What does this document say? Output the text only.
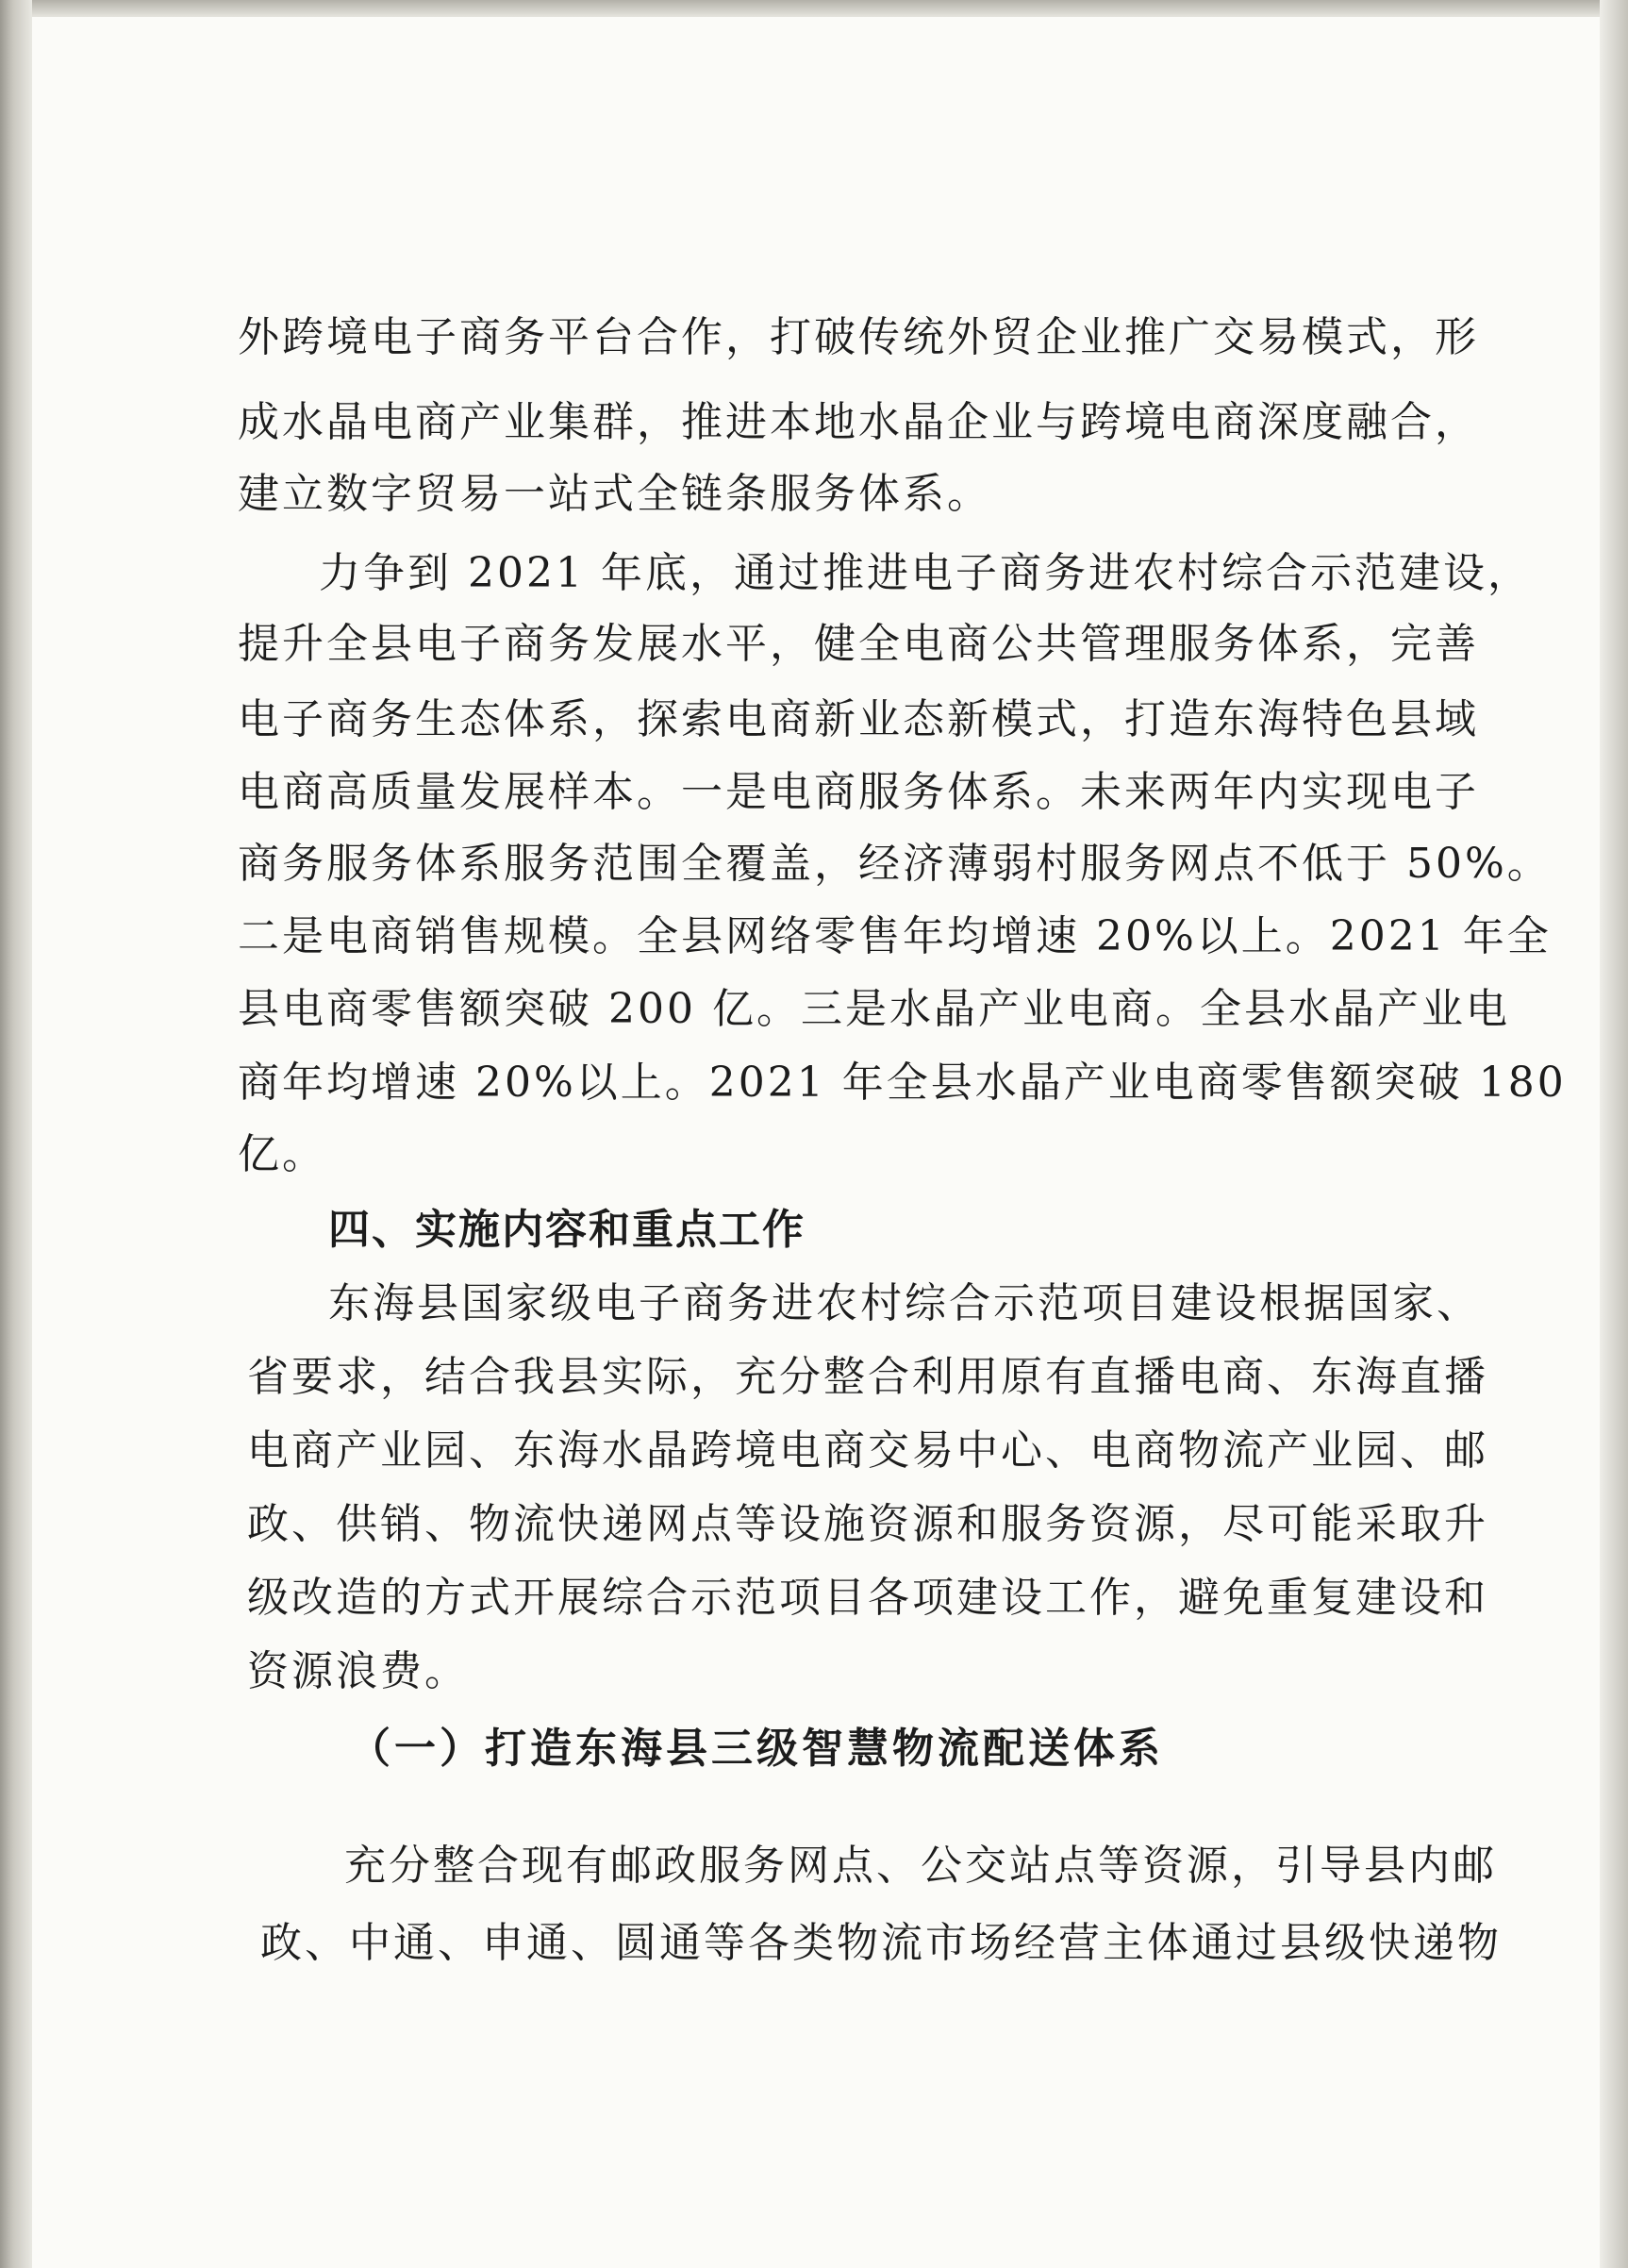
外跨境电子商务平台合作，打破传统外贸企业推广交易模式，形

成水晶电商产业集群，推进本地水晶企业与跨境电商深度融合，

建立数字贸易一站式全链条服务体系。

力争到 2021 年底，通过推进电子商务进农村综合示范建设，

提升全县电子商务发展水平，健全电商公共管理服务体系，完善

电子商务生态体系，探索电商新业态新模式，打造东海特色县域

电商高质量发展样本。一是电商服务体系。未来两年内实现电子

商务服务体系服务范围全覆盖，经济薄弱村服务网点不低于 50%。

二是电商销售规模。全县网络零售年均增速 20%以上。2021 年全

县电商零售额突破 200 亿。三是水晶产业电商。全县水晶产业电

商年均增速 20%以上。2021 年全县水晶产业电商零售额突破 180

亿。

四、实施内容和重点工作

东海县国家级电子商务进农村综合示范项目建设根据国家、

省要求，结合我县实际，充分整合利用原有直播电商、东海直播

电商产业园、东海水晶跨境电商交易中心、电商物流产业园、邮

政、供销、物流快递网点等设施资源和服务资源，尽可能采取升

级改造的方式开展综合示范项目各项建设工作，避免重复建设和

资源浪费。

（一）打造东海县三级智慧物流配送体系

充分整合现有邮政服务网点、公交站点等资源，引导县内邮

政、中通、申通、圆通等各类物流市场经营主体通过县级快递物
